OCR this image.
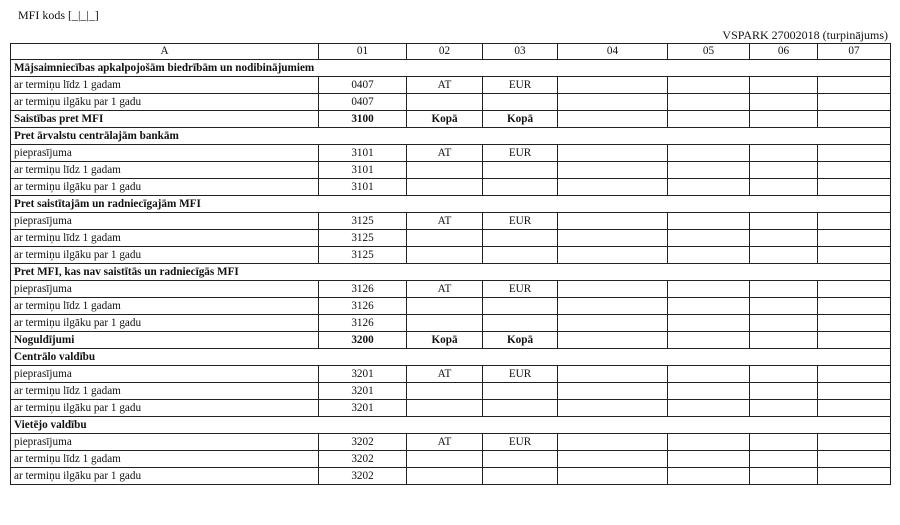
MFI kods [_|_|_]
VSPARK 27002018 (turpinājums)
A	01	02	03	04	05	06	07
Mājsaimniecības apkalpojošām biedrībām un nodibinājumiem							
ar termiņu līdz 1 gadam	0407	AT	EUR				
ar termiņu ilgāku par 1 gadu	0407						
Saistības pret MFI	3100	Kopā	Kopā				
Pret ārvalstu centrālajām bankām							
pieprasījuma	3101	AT	EUR				
ar termiņu līdz 1 gadam	3101						
ar termiņu ilgāku par 1 gadu	3101						
Pret saistītajām un radniecīgajām MFI							
pieprasījuma	3125	AT	EUR				
ar termiņu līdz 1 gadam	3125						
ar termiņu ilgāku par 1 gadu	3125						
Pret MFI, kas nav saistītās un radniecīgās MFI							
pieprasījuma	3126	AT	EUR				
ar termiņu līdz 1 gadam	3126						
ar termiņu ilgāku par 1 gadu	3126						
Noguldījumi	3200	Kopā	Kopā				
Centrālo valdību							
pieprasījuma	3201	AT	EUR				
ar termiņu līdz 1 gadam	3201						
ar termiņu ilgāku par 1 gadu	3201						
Vietējo valdību							
pieprasījuma	3202	AT	EUR				
ar termiņu līdz 1 gadam	3202						
ar termiņu ilgāku par 1 gadu	3202						
